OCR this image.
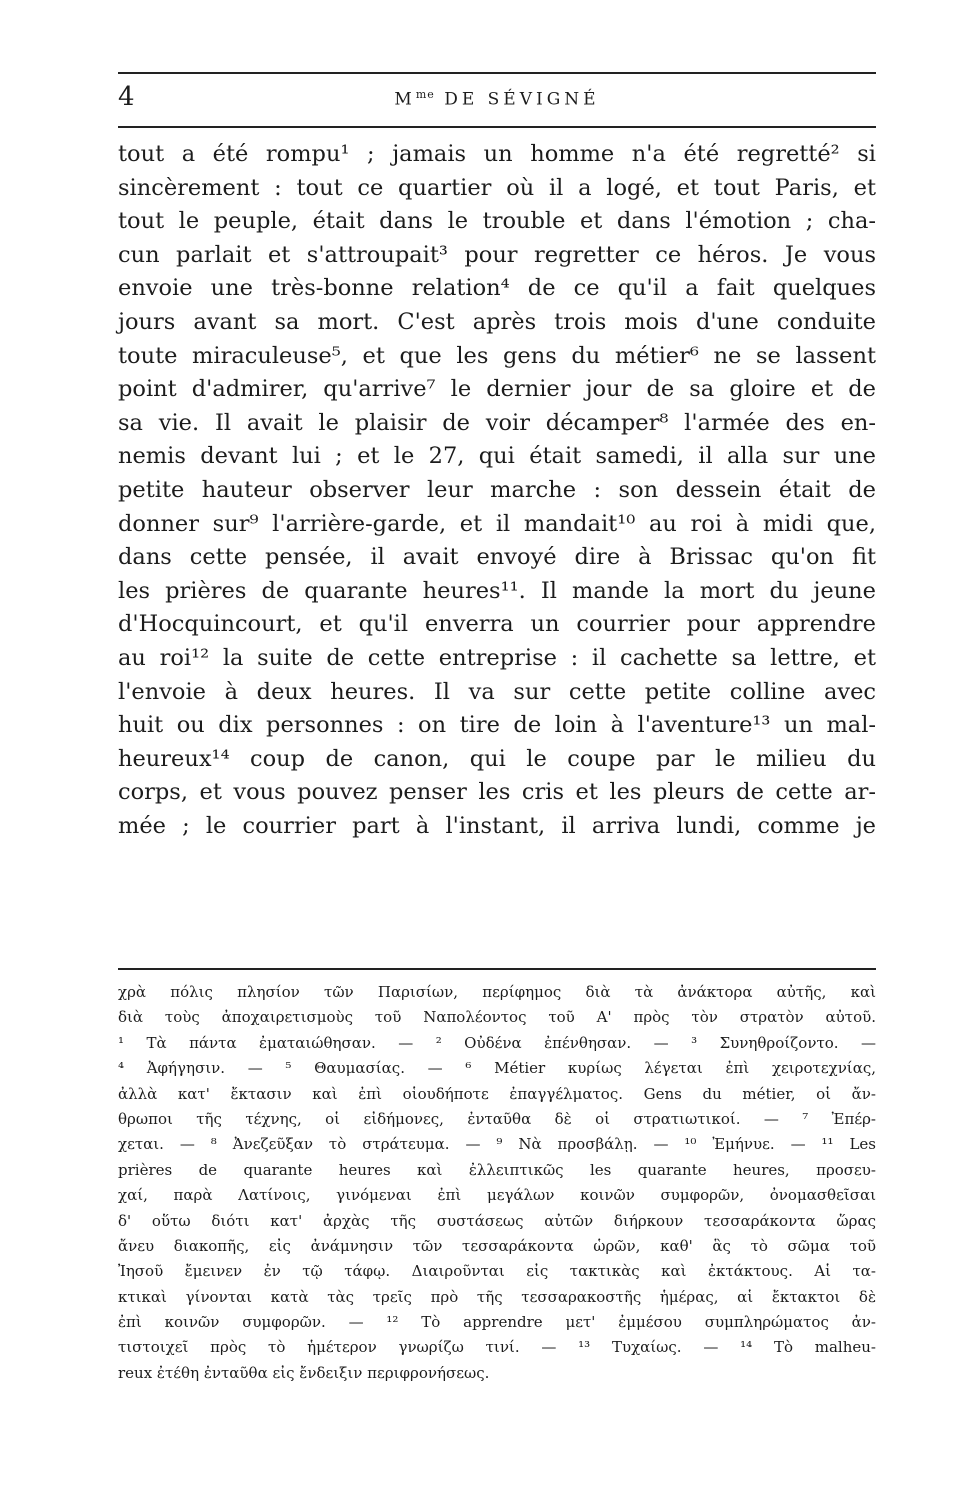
4	$M^{me}$ DE SÉVIGNÉ
tout a été rompu¹ ; jamais un homme n'a été regretté² si
sincèrement : tout ce quartier où il a logé, et tout Paris, et
tout le peuple, était dans le trouble et dans l'émotion ; cha-
cun parlait et s'attroupait³ pour regretter ce héros. Je vous
envoie une très-bonne relation⁴ de ce qu'il a fait quelques
jours avant sa mort. C'est après trois mois d'une conduite
toute miraculeuse⁵, et que les gens du métier⁶ ne se lassent
point d'admirer, qu'arrive⁷ le dernier jour de sa gloire et de
sa vie. Il avait le plaisir de voir décamper⁸ l'armée des en-
nemis devant lui ; et le 27, qui était samedi, il alla sur une
petite hauteur observer leur marche : son dessein était de
donner sur⁹ l'arrière-garde, et il mandait¹⁰ au roi à midi que,
dans cette pensée, il avait envoyé dire à Brissac qu'on fit
les prières de quarante heures¹¹. Il mande la mort du jeune
d'Hocquincourt, et qu'il enverra un courrier pour apprendre
au roi¹² la suite de cette entreprise : il cachette sa lettre, et
l'envoie à deux heures. Il va sur cette petite colline avec
huit ou dix personnes : on tire de loin à l'aventure¹³ un mal-
heureux¹⁴ coup de canon, qui le coupe par le milieu du
corps, et vous pouvez penser les cris et les pleurs de cette ar-
mée ; le courrier part à l'instant, il arriva lundi, comme je
χρὰ πόλις πλησίον τῶν Παρισίων, περίφημος διὰ τὰ ἀνάκτορα αὐτῆς, καὶ
διὰ τοὺς ἀποχαιρετισμοὺς τοῦ Ναπολέοντος τοῦ Α' πρὸς τὸν στρατὸν αὐτοῦ.
¹ Τὰ πάντα ἐματαιώθησαν. — ² Οὐδένα ἐπένθησαν. — ³ Συνηθροίζοντο. —
⁴ Ἀφήγησιν. — ⁵ Θαυμασίας. — ⁶ Métier κυρίως λέγεται ἐπὶ χειροτεχνίας,
ἀλλὰ κατ' ἔκτασιν καὶ ἐπὶ οἱουδήποτε ἐπαγγέλματος. Gens du métier, οἱ ἄν-
θρωποι τῆς τέχνης, οἱ εἰδήμονες, ἐνταῦθα δὲ οἱ στρατιωτικοί. — ⁷ Ἐπέρ-
χεται. — ⁸ Ἀνεζεῦξαν τὸ στράτευμα. — ⁹ Νὰ προσβάλῃ. — ¹⁰ Ἐμήνυε. — ¹¹ Les
prières de quarante heures καὶ ἐλλειπτικῶς les quarante heures, προσευ-
χαί, παρὰ Λατίνοις, γινόμεναι ἐπὶ μεγάλων κοινῶν συμφορῶν, ὀνομασθεῖσαι
δ' οὕτω διότι κατ' ἀρχὰς τῆς συστάσεως αὐτῶν διήρκουν τεσσαράκοντα ὥρας
ἄνευ διακοπῆς, εἰς ἀνάμνησιν τῶν τεσσαράκοντα ὡρῶν, καθ' ἃς τὸ σῶμα τοῦ
Ἰησοῦ ἔμεινεν ἐν τῷ τάφῳ. Διαιροῦνται εἰς τακτικὰς καὶ ἐκτάκτους. Αἱ τα-
κτικαὶ γίνονται κατὰ τὰς τρεῖς πρὸ τῆς τεσσαρακοστῆς ἡμέρας, αἱ ἔκτακτοι δὲ
ἐπὶ κοινῶν συμφορῶν. — ¹² Τὸ apprendre μετ' ἐμμέσου συμπληρώματος ἀν-
τιστοιχεῖ πρὸς τὸ ἡμέτερον γνωρίζω τινί. — ¹³ Τυχαίως. — ¹⁴ Τὸ malheu-
reux ἐτέθη ἐνταῦθα εἰς ἔνδειξιν περιφρονήσεως.
